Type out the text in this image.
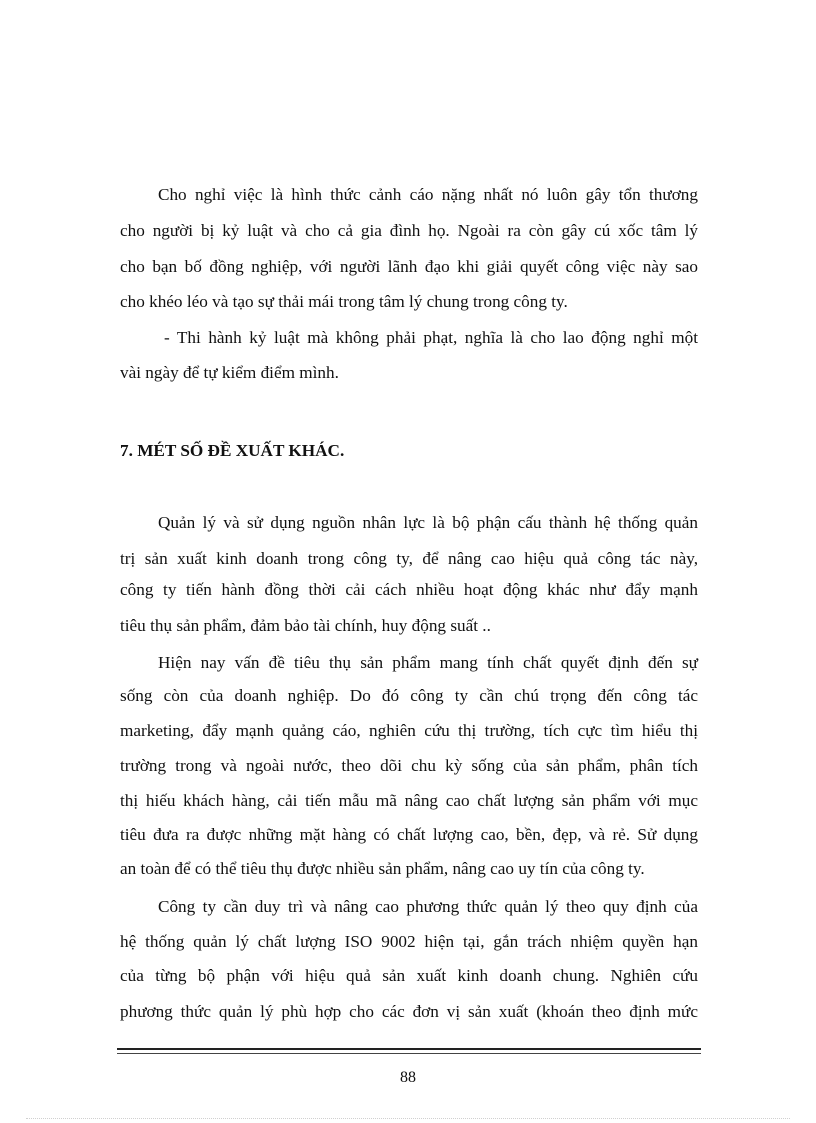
Cho nghỉ việc là hình thức cảnh cáo nặng nhất nó luôn gây tổn thương

cho người bị kỷ luật và cho cả gia đình họ. Ngoài ra còn gây cú xốc tâm lý

cho bạn bố đồng nghiệp, với người lãnh đạo khi giải quyết công việc này sao

cho khéo léo và tạo sự thải mái trong tâm lý chung trong công ty.

- Thi hành kỷ luật mà không phải phạt, nghĩa là cho lao động nghỉ một

vài ngày để tự kiểm điểm mình.

7. MÉT SỐ ĐỀ XUẤT KHÁC.

Quản lý và sử dụng nguồn nhân lực là bộ phận cấu thành hệ thống quản

trị sản xuất kinh doanh trong công ty, để nâng cao hiệu quả công tác này,

công ty tiến hành đồng thời cải cách nhiều hoạt động khác như đẩy mạnh

tiêu thụ sản phẩm, đảm bảo tài chính, huy động suất ..

Hiện nay vấn đề tiêu thụ sản phẩm mang tính chất quyết định đến sự

sống còn của doanh nghiệp. Do đó công ty cần chú trọng đến công tác

marketing, đẩy mạnh quảng cáo, nghiên cứu thị trường, tích cực tìm hiểu thị

trường trong và ngoài nước, theo dõi chu kỳ sống của sản phẩm, phân tích

thị hiếu khách hàng, cải tiến mẫu mã nâng cao chất lượng sản phẩm với mục

tiêu đưa ra được những mặt hàng có chất lượng cao, bền, đẹp, và rẻ. Sử dụng

an toàn để có thể tiêu thụ được nhiều sản phẩm, nâng cao uy tín của công ty.

Công ty cần duy trì và nâng cao phương thức quản lý theo quy định của

hệ thống quản lý chất lượng ISO 9002 hiện tại, gắn trách nhiệm quyền hạn

của từng bộ phận với hiệu quả sản xuất kinh doanh chung. Nghiên cứu

phương thức quản lý phù hợp cho các đơn vị sản xuất (khoán theo định mức

88
